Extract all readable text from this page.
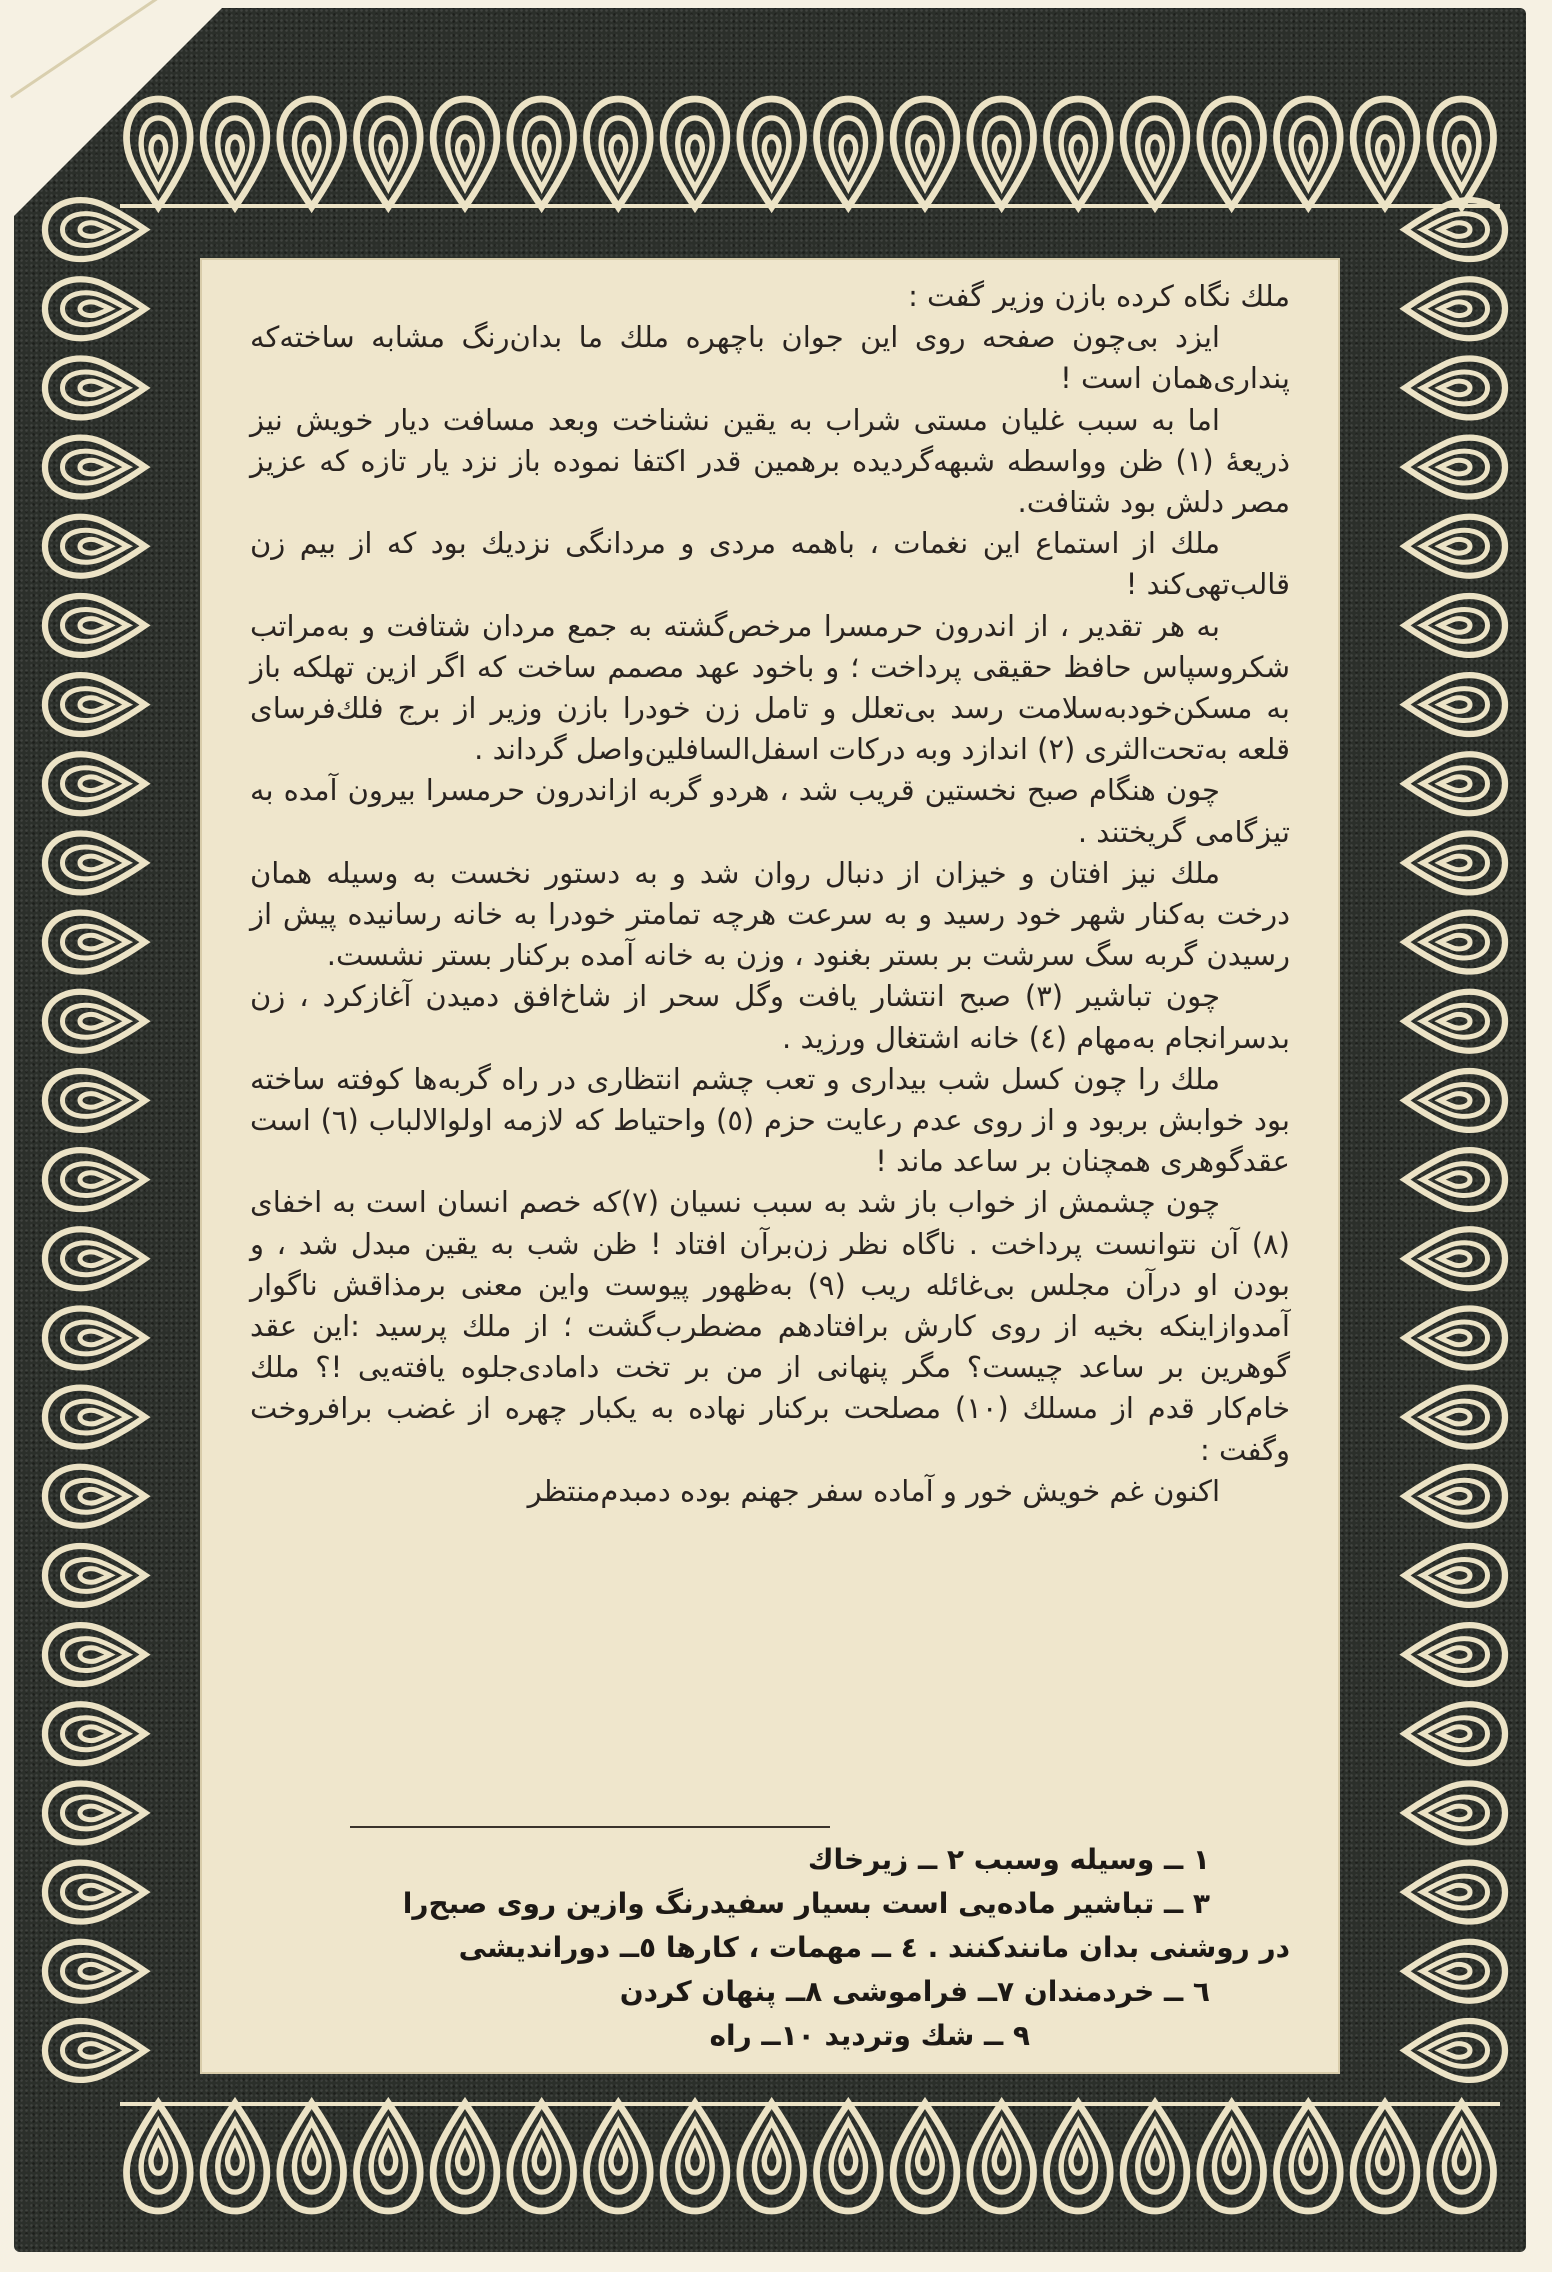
ملك نگاه كرده بازن وزير گفت :

ايزد بی‌چون صفحه روی اين جوان باچهره ملك ما بدان‌رنگ مشابه ساخته‌كه پنداری‌همان است !

اما به سبب غليان مستی شراب به يقين نشناخت وبعد مسافت ديار خويش نيز ذريعهٔ (۱) ظن وواسطه شبهه‌گرديده برهمين قدر اكتفا نموده باز نزد يار تازه كه عزيز مصر دلش بود شتافت.

ملك از استماع اين نغمات ، باهمه مردی و مردانگی نزديك بود كه از بيم زن قالب‌تهی‌كند !

به هر تقدير ، از اندرون حرمسرا مرخص‌گشته به جمع مردان شتافت و به‌مراتب شكروسپاس حافظ حقيقی پرداخت ؛ و باخود عهد مصمم ساخت كه اگر ازين تهلكه باز به مسكن‌خودبه‌سلامت رسد بی‌تعلل و تامل زن خودرا بازن وزير از برج فلك‌فرسای قلعه به‌تحت‌الثری (۲) اندازد وبه دركات اسفل‌السافلين‌واصل گرداند .

چون هنگام صبح نخستين قريب شد ، هردو گربه ازاندرون حرمسرا بيرون آمده به تيزگامی گريختند .

ملك نيز افتان و خيزان از دنبال روان شد و به دستور نخست به وسيله همان درخت به‌كنار شهر خود رسيد و به سرعت هرچه تمامتر خودرا به خانه رسانيده پيش از رسيدن گربه سگ سرشت بر بستر بغنود ، وزن به خانه آمده بركنار بستر نشست.

چون تباشير (۳) صبح انتشار يافت وگل سحر از شاخ‌افق دميدن آغازكرد ، زن بدسرانجام به‌مهام (٤) خانه اشتغال ورزيد .

ملك را چون كسل شب بيداری و تعب چشم انتظاری در راه گربه‌ها كوفته ساخته بود خوابش بربود و از روی عدم رعايت حزم (٥) واحتياط كه لازمه اولوالالباب (٦) است عقدگوهری همچنان بر ساعد ماند !

چون چشمش از خواب باز شد به سبب نسيان (۷)كه خصم انسان است به اخفای (۸) آن نتوانست پرداخت . ناگاه نظر زن‌برآن افتاد ! ظن شب به يقين مبدل شد ، و بودن او درآن مجلس بی‌غائله ريب (۹) به‌ظهور پيوست واين معنی برمذاقش ناگوار آمدوازاينكه بخيه از روی كارش برافتادهم مضطرب‌گشت ؛ از ملك پرسيد :اين عقد گوهرين بر ساعد چيست؟ مگر پنهانی از من بر تخت دامادی‌جلوه يافته‌يی !؟ ملك خام‌كار قدم از مسلك (۱۰) مصلحت بركنار نهاده به يكبار چهره از غضب برافروخت وگفت :

اكنون غم خويش خور و آماده سفر جهنم بوده دمبدم‌منتظر

۱ ــ وسيله وسبب ۲ ــ زيرخاك

۳ ــ تباشير ماده‌يی است بسيار سفيدرنگ وازين روی صبح‌را

در روشنی بدان مانندكنند . ٤ ــ مهمات ، كارها ٥ــ دوراندیشی

٦ ــ خردمندان ۷ــ فراموشی ۸ــ پنهان كردن

۹ ــ شك وترديد ۱۰ــ راه
